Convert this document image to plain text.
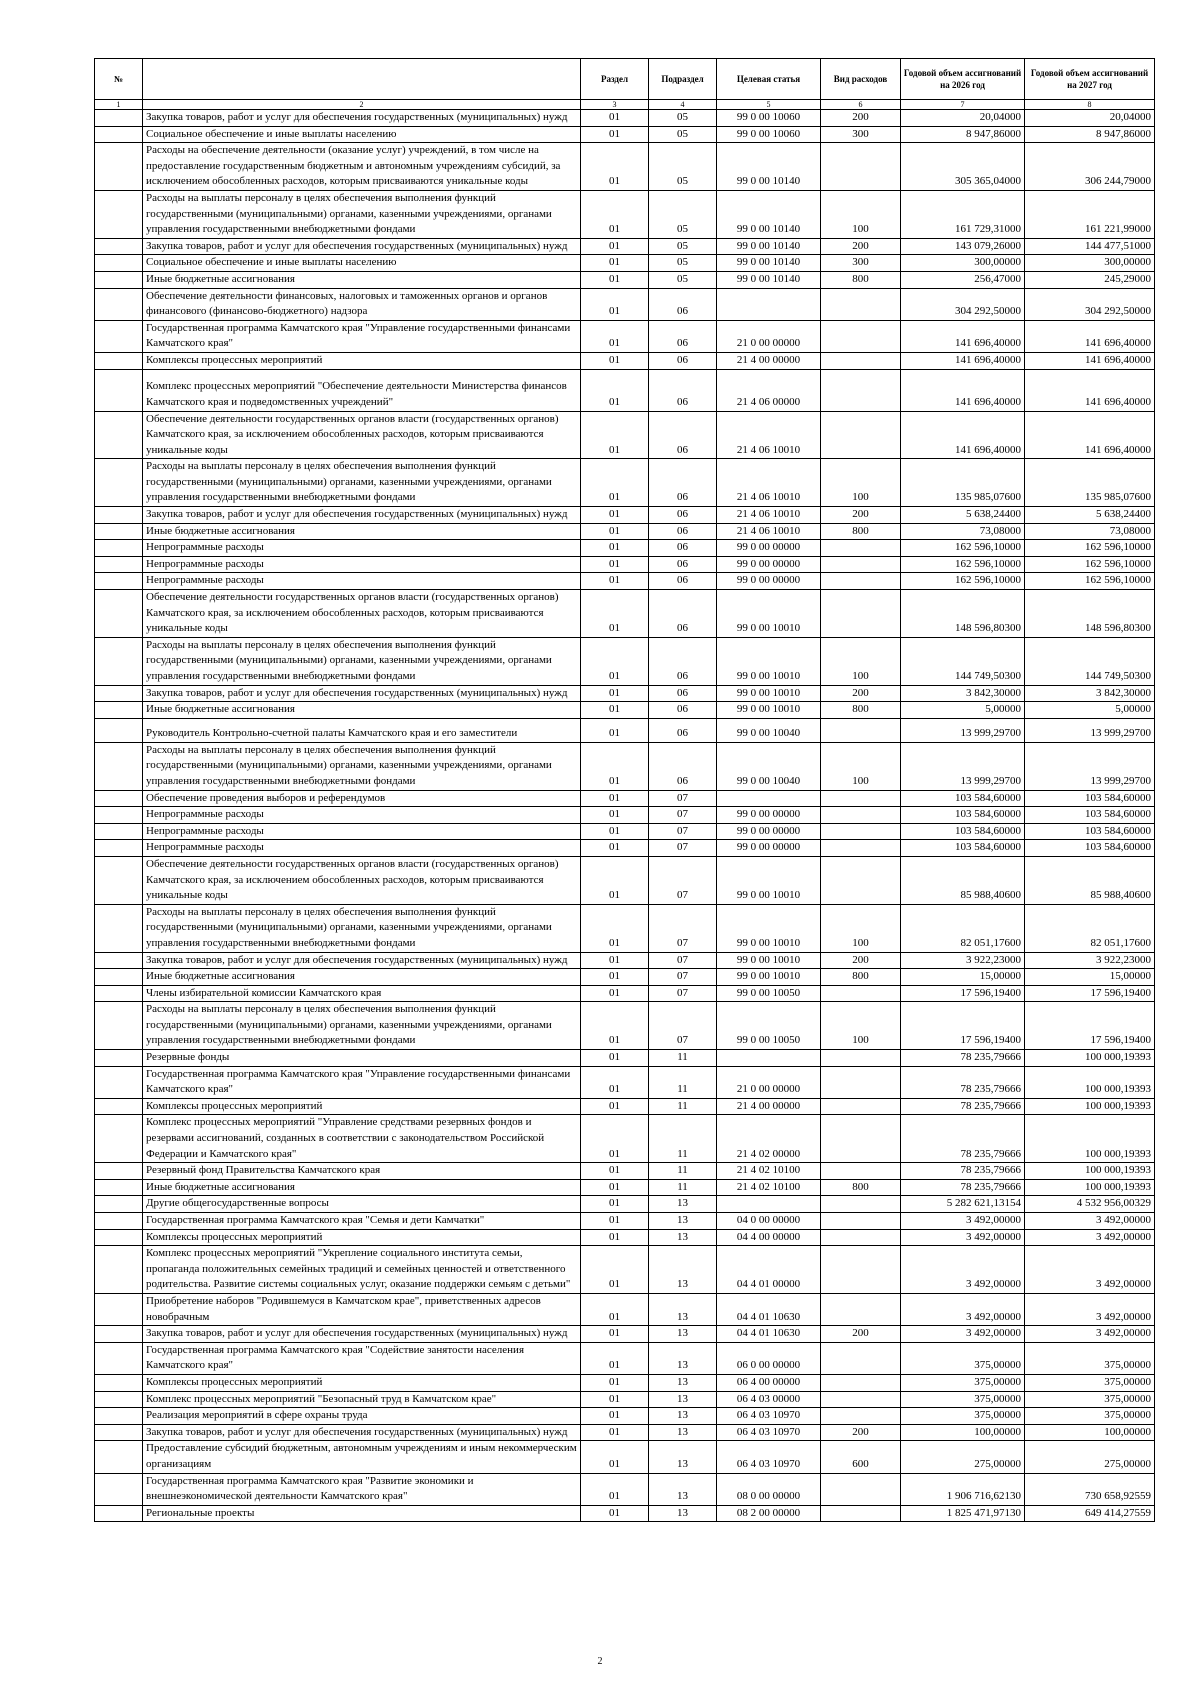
№		Раздел	Подраздел	Целевая статья	Вид расходов	Годовой объем ассигнований на 2026 год	Годовой объем ассигнований на 2027 год
1	2	3	4	5	6	7	8
	Закупка товаров, работ и услуг для обеспечения государственных (муниципальных) нужд	01	05	99 0 00 10060	200	20,04000	20,04000
	Социальное обеспечение и иные выплаты населению	01	05	99 0 00 10060	300	8 947,86000	8 947,86000
	Расходы на обеспечение деятельности (оказание услуг) учреждений, в том числе на предоставление государственным бюджетным и автономным учреждениям субсидий, за исключением обособленных расходов, которым присваиваются уникальные коды	01	05	99 0 00 10140		305 365,04000	306 244,79000
	Расходы на выплаты персоналу в целях обеспечения выполнения функций государственными (муниципальными) органами, казенными учреждениями, органами управления государственными внебюджетными фондами	01	05	99 0 00 10140	100	161 729,31000	161 221,99000
	Закупка товаров, работ и услуг для обеспечения государственных (муниципальных) нужд	01	05	99 0 00 10140	200	143 079,26000	144 477,51000
	Социальное обеспечение и иные выплаты населению	01	05	99 0 00 10140	300	300,00000	300,00000
	Иные бюджетные ассигнования	01	05	99 0 00 10140	800	256,47000	245,29000
	Обеспечение деятельности финансовых, налоговых и таможенных органов и органов финансового (финансово-бюджетного) надзора	01	06			304 292,50000	304 292,50000
	Государственная программа Камчатского края "Управление государственными финансами Камчатского края"	01	06	21 0 00 00000		141 696,40000	141 696,40000
	Комплексы процессных мероприятий	01	06	21 4 00 00000		141 696,40000	141 696,40000
	Комплекс процессных мероприятий "Обеспечение деятельности Министерства финансов Камчатского края и подведомственных учреждений"	01	06	21 4 06 00000		141 696,40000	141 696,40000
	Обеспечение деятельности государственных органов власти (государственных органов) Камчатского края, за исключением обособленных расходов, которым присваиваются уникальные коды	01	06	21 4 06 10010		141 696,40000	141 696,40000
	Расходы на выплаты персоналу в целях обеспечения выполнения функций государственными (муниципальными) органами, казенными учреждениями, органами управления государственными внебюджетными фондами	01	06	21 4 06 10010	100	135 985,07600	135 985,07600
	Закупка товаров, работ и услуг для обеспечения государственных (муниципальных) нужд	01	06	21 4 06 10010	200	5 638,24400	5 638,24400
	Иные бюджетные ассигнования	01	06	21 4 06 10010	800	73,08000	73,08000
	Непрограммные расходы	01	06	99 0 00 00000		162 596,10000	162 596,10000
	Непрограммные расходы	01	06	99 0 00 00000		162 596,10000	162 596,10000
	Непрограммные расходы	01	06	99 0 00 00000		162 596,10000	162 596,10000
	Обеспечение деятельности государственных органов власти (государственных органов) Камчатского края, за исключением обособленных расходов, которым присваиваются уникальные коды	01	06	99 0 00 10010		148 596,80300	148 596,80300
	Расходы на выплаты персоналу в целях обеспечения выполнения функций государственными (муниципальными) органами, казенными учреждениями, органами управления государственными внебюджетными фондами	01	06	99 0 00 10010	100	144 749,50300	144 749,50300
	Закупка товаров, работ и услуг для обеспечения государственных (муниципальных) нужд	01	06	99 0 00 10010	200	3 842,30000	3 842,30000
	Иные бюджетные ассигнования	01	06	99 0 00 10010	800	5,00000	5,00000
	Руководитель Контрольно-счетной палаты Камчатского края и его заместители	01	06	99 0 00 10040		13 999,29700	13 999,29700
	Расходы на выплаты персоналу в целях обеспечения выполнения функций государственными (муниципальными) органами, казенными учреждениями, органами управления государственными внебюджетными фондами	01	06	99 0 00 10040	100	13 999,29700	13 999,29700
	Обеспечение проведения выборов и референдумов	01	07			103 584,60000	103 584,60000
	Непрограммные расходы	01	07	99 0 00 00000		103 584,60000	103 584,60000
	Непрограммные расходы	01	07	99 0 00 00000		103 584,60000	103 584,60000
	Непрограммные расходы	01	07	99 0 00 00000		103 584,60000	103 584,60000
	Обеспечение деятельности государственных органов власти (государственных органов) Камчатского края, за исключением обособленных расходов, которым присваиваются уникальные коды	01	07	99 0 00 10010		85 988,40600	85 988,40600
	Расходы на выплаты персоналу в целях обеспечения выполнения функций государственными (муниципальными) органами, казенными учреждениями, органами управления государственными внебюджетными фондами	01	07	99 0 00 10010	100	82 051,17600	82 051,17600
	Закупка товаров, работ и услуг для обеспечения государственных (муниципальных) нужд	01	07	99 0 00 10010	200	3 922,23000	3 922,23000
	Иные бюджетные ассигнования	01	07	99 0 00 10010	800	15,00000	15,00000
	Члены избирательной комиссии Камчатского края	01	07	99 0 00 10050		17 596,19400	17 596,19400
	Расходы на выплаты персоналу в целях обеспечения выполнения функций государственными (муниципальными) органами, казенными учреждениями, органами управления государственными внебюджетными фондами	01	07	99 0 00 10050	100	17 596,19400	17 596,19400
	Резервные фонды	01	11			78 235,79666	100 000,19393
	Государственная программа Камчатского края "Управление государственными финансами Камчатского края"	01	11	21 0 00 00000		78 235,79666	100 000,19393
	Комплексы процессных мероприятий	01	11	21 4 00 00000		78 235,79666	100 000,19393
	Комплекс процессных мероприятий "Управление средствами резервных фондов и резервами ассигнований, созданных в соответствии с законодательством Российской Федерации и Камчатского края"	01	11	21 4 02 00000		78 235,79666	100 000,19393
	Резервный фонд Правительства Камчатского края	01	11	21 4 02 10100		78 235,79666	100 000,19393
	Иные бюджетные ассигнования	01	11	21 4 02 10100	800	78 235,79666	100 000,19393
	Другие общегосударственные вопросы	01	13			5 282 621,13154	4 532 956,00329
	Государственная программа Камчатского края "Семья и дети Камчатки"	01	13	04 0 00 00000		3 492,00000	3 492,00000
	Комплексы процессных мероприятий	01	13	04 4 00 00000		3 492,00000	3 492,00000
	Комплекс процессных мероприятий "Укрепление социального института семьи, пропаганда положительных семейных традиций и семейных ценностей и ответственного родительства. Развитие системы социальных услуг, оказание поддержки семьям с детьми"	01	13	04 4 01 00000		3 492,00000	3 492,00000
	Приобретение наборов "Родившемуся в Камчатском крае", приветственных адресов новобрачным	01	13	04 4 01 10630		3 492,00000	3 492,00000
	Закупка товаров, работ и услуг для обеспечения государственных (муниципальных) нужд	01	13	04 4 01 10630	200	3 492,00000	3 492,00000
	Государственная программа Камчатского края "Содействие занятости населения Камчатского края"	01	13	06 0 00 00000		375,00000	375,00000
	Комплексы процессных мероприятий	01	13	06 4 00 00000		375,00000	375,00000
	Комплекс процессных мероприятий "Безопасный труд в Камчатском крае"	01	13	06 4 03 00000		375,00000	375,00000
	Реализация мероприятий в сфере охраны труда	01	13	06 4 03 10970		375,00000	375,00000
	Закупка товаров, работ и услуг для обеспечения государственных (муниципальных) нужд	01	13	06 4 03 10970	200	100,00000	100,00000
	Предоставление субсидий бюджетным, автономным учреждениям и иным некоммерческим организациям	01	13	06 4 03 10970	600	275,00000	275,00000
	Государственная программа Камчатского края "Развитие экономики и внешнеэкономической деятельности Камчатского края"	01	13	08 0 00 00000		1 906 716,62130	730 658,92559
	Региональные проекты	01	13	08 2 00 00000		1 825 471,97130	649 414,27559
2
